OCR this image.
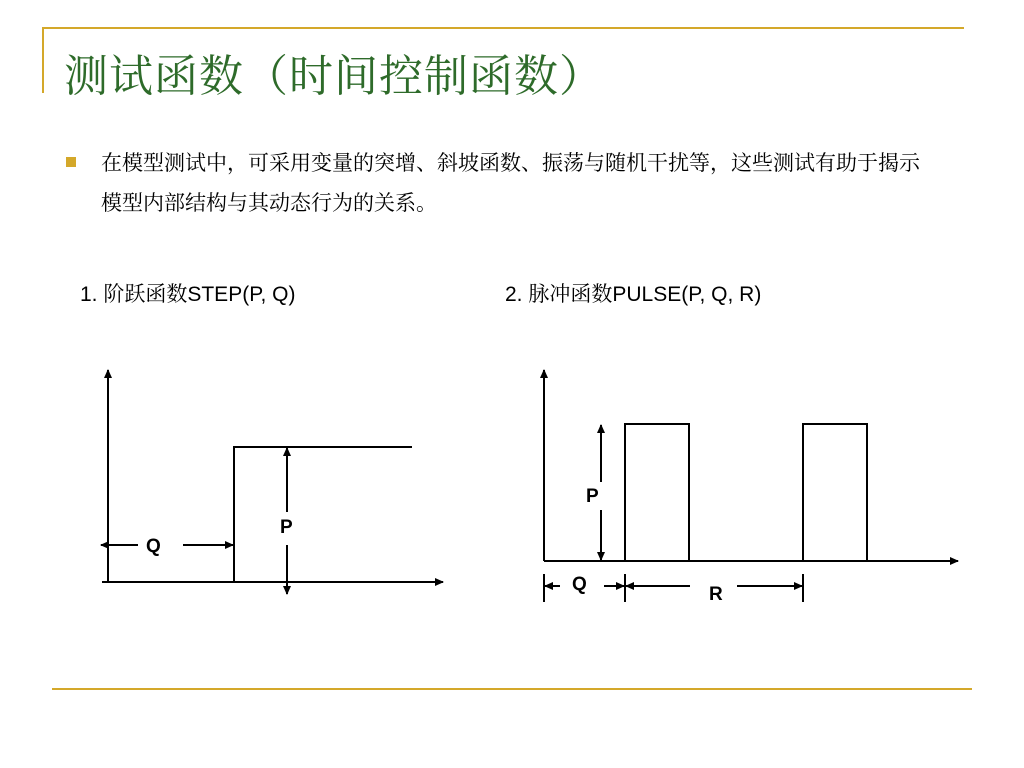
测试函数（时间控制函数）
在模型测试中，可采用变量的突增、斜坡函数、振荡与随机干扰等，这些测试有助于揭示模型内部结构与其动态行为的关系。
1. 阶跃函数STEP(P, Q)	2. 脉冲函数PULSE(P, Q, R)
Q
P
P
Q	R
